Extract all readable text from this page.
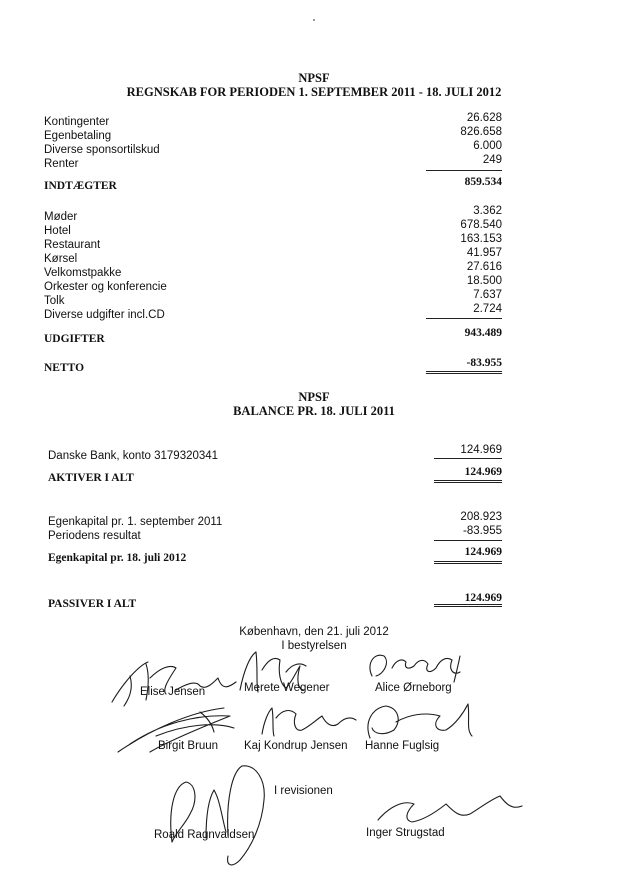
NPSF
REGNSKAB FOR PERIODEN 1. SEPTEMBER 2011 - 18. JULI 2012
Kontingenter	26.628
Egenbetaling	826.658
Diverse sponsortilskud	6.000
Renter	249
INDTÆGTER	859.534
Møder	3.362
Hotel	678.540
Restaurant	163.153
Kørsel	41.957
Velkomstpakke	27.616
Orkester og konferencie	18.500
Tolk	7.637
Diverse udgifter incl.CD	2.724
UDGIFTER	943.489
NETTO	-83.955
NPSF
BALANCE PR. 18. JULI 2011
Danske Bank, konto 3179320341	124.969
AKTIVER I ALT	124.969
Egenkapital pr. 1. september 2011	208.923
Periodens resultat	-83.955
Egenkapital pr. 18. juli 2012	124.969
PASSIVER I ALT	124.969
København, den 21. juli 2012
I bestyrelsen
Elise Jensen	Merete Wegener	Alice Ørneborg
Birgit Bruun Kaj Kondrup Jensen Hanne Fuglsig
I revisionen
Roald Ragnvaldsen	Inger Strugstad
